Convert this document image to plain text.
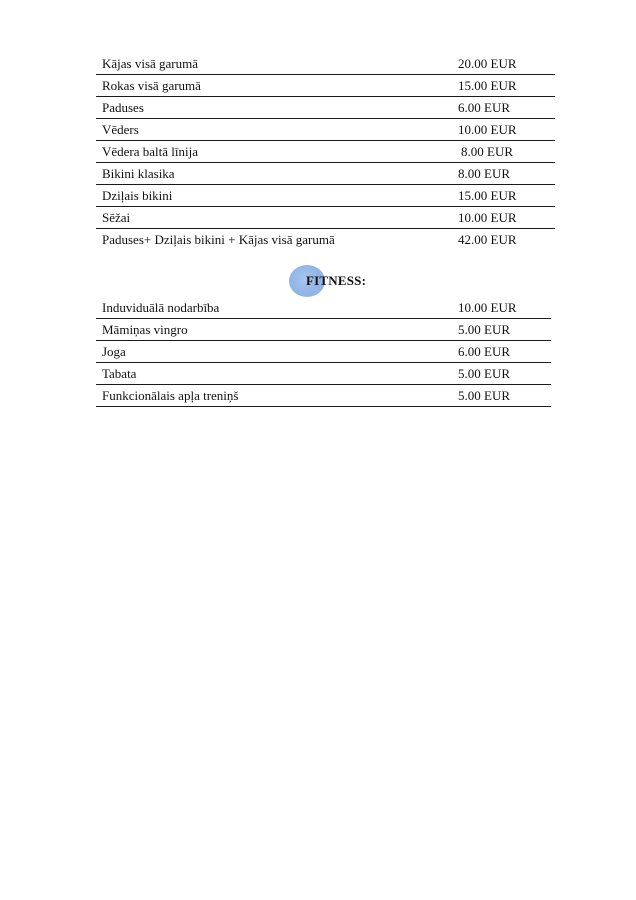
Kājas visā garumā	20.00 EUR
Rokas visā garumā	15.00 EUR
Paduses	6.00 EUR
Vēders	10.00 EUR
Vēdera baltā līnija	8.00 EUR
Bikini klasika	8.00 EUR
Dziļais bikini	15.00 EUR
Sēžai	10.00 EUR
Paduses+ Dziļais bikini + Kājas visā garumā	42.00 EUR
FITNESS:
Induviduālā nodarbība	10.00 EUR
Māmiņas vingro	5.00 EUR
Joga	6.00 EUR
Tabata	5.00 EUR
Funkcionālais apļa treniņš	5.00 EUR
